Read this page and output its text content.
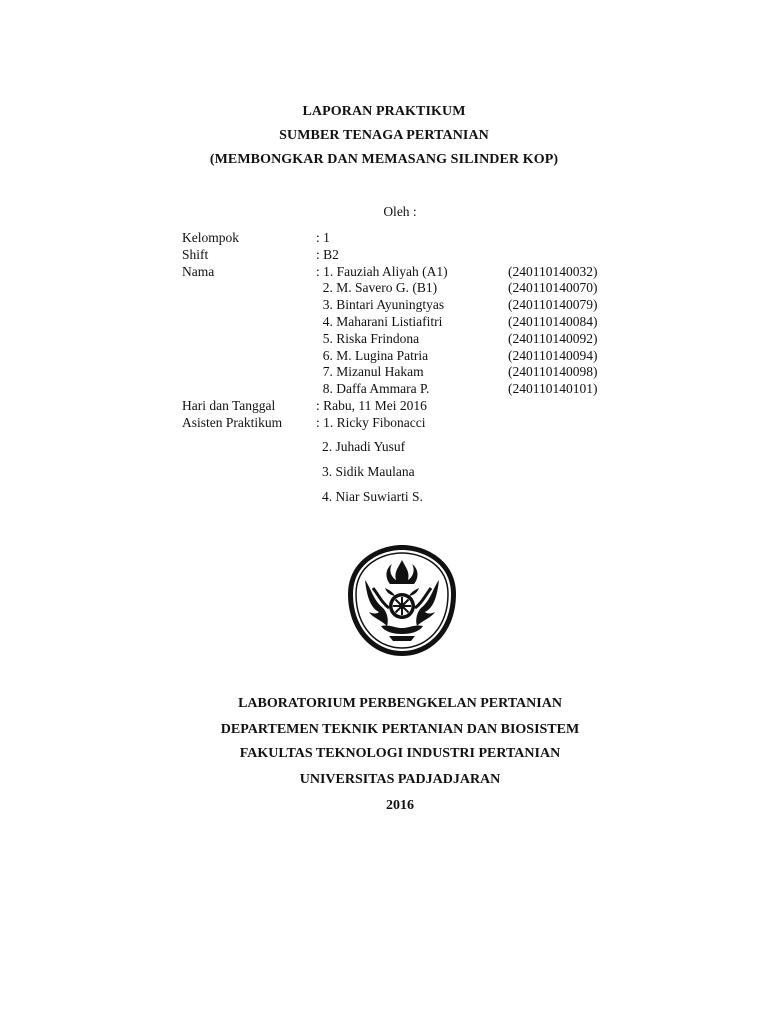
LAPORAN PRAKTIKUM
SUMBER TENAGA PERTANIAN
(MEMBONGKAR DAN MEMASANG SILINDER KOP)
Oleh :
Kelompok	: 1
Shift	: B2
Nama	: 1. Fauziah Aliyah (A1)	(240110140032)
2. M. Savero G. (B1)	(240110140070)
3. Bintari Ayuningtyas	(240110140079)
4. Maharani Listiafitri	(240110140084)
5. Riska Frindona	(240110140092)
6. M. Lugina Patria	(240110140094)
7. Mizanul Hakam	(240110140098)
8. Daffa Ammara P.	(240110140101)
Hari dan Tanggal	: Rabu, 11 Mei 2016
Asisten Praktikum	: 1. Ricky Fibonacci
2. Juhadi Yusuf
3. Sidik Maulana
4. Niar Suwiarti S.
LABORATORIUM PERBENGKELAN PERTANIAN
DEPARTEMEN TEKNIK PERTANIAN DAN BIOSISTEM
FAKULTAS TEKNOLOGI INDUSTRI PERTANIAN
UNIVERSITAS PADJADJARAN
2016
